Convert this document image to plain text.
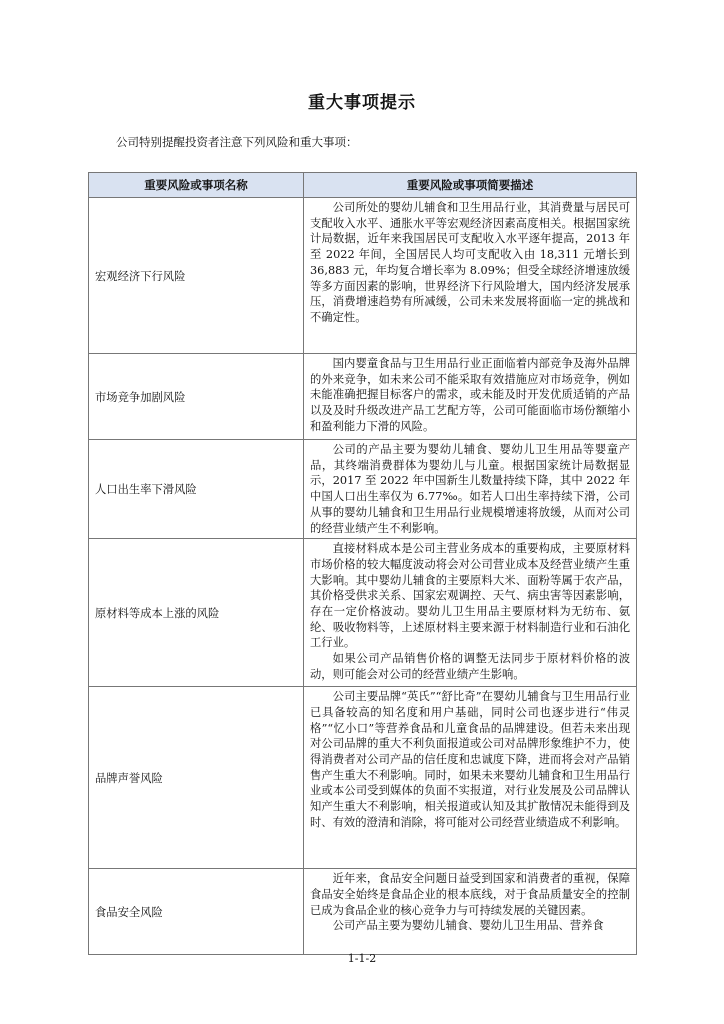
重大事项提示
公司特别提醒投资者注意下列风险和重大事项：
重要风险或事项名称	重要风险或事项简要描述
宏观经济下行风险	公司所处的婴幼儿辅食和卫生用品行业，其消费量与居民可支配收入水平、通胀水平等宏观经济因素高度相关。根据国家统计局数据，近年来我国居民可支配收入水平逐年提高，2013 年至 2022 年间，全国居民人均可支配收入由 18,311 元增长到 36,883 元，年均复合增长率为 8.09%；但受全球经济增速放缓等多方面因素的影响，世界经济下行风险增大，国内经济发展承压，消费增速趋势有所减缓，公司未来发展将面临一定的挑战和不确定性。

市场竞争加剧风险	国内婴童食品与卫生用品行业正面临着内部竞争及海外品牌的外来竞争，如未来公司不能采取有效措施应对市场竞争，例如未能准确把握目标客户的需求，或未能及时开发优质适销的产品以及及时升级改进产品工艺配方等，公司可能面临市场份额缩小和盈利能力下滑的风险。

人口出生率下滑风险	公司的产品主要为婴幼儿辅食、婴幼儿卫生用品等婴童产品，其终端消费群体为婴幼儿与儿童。根据国家统计局数据显示，2017 至 2022 年中国新生儿数量持续下降，其中 2022 年中国人口出生率仅为 6.77‰。如若人口出生率持续下滑，公司从事的婴幼儿辅食和卫生用品行业规模增速将放缓，从而对公司的经营业绩产生不利影响。

原材料等成本上涨的风险	直接材料成本是公司主营业务成本的重要构成，主要原材料市场价格的较大幅度波动将会对公司营业成本及经营业绩产生重大影响。其中婴幼儿辅食的主要原料大米、面粉等属于农产品，其价格受供求关系、国家宏观调控、天气、病虫害等因素影响，存在一定价格波动。婴幼儿卫生用品主要原材料为无纺布、氨纶、吸收物料等，上述原材料主要来源于材料制造行业和石油化工行业。

如果公司产品销售价格的调整无法同步于原材料价格的波动，则可能会对公司的经营业绩产生影响。

品牌声誉风险	公司主要品牌“英氏”“舒比奇”在婴幼儿辅食与卫生用品行业已具备较高的知名度和用户基础，同时公司也逐步进行“伟灵格”“忆小口”等营养食品和儿童食品的品牌建设。但若未来出现对公司品牌的重大不利负面报道或公司对品牌形象维护不力，使得消费者对公司产品的信任度和忠诚度下降，进而将会对产品销售产生重大不利影响。同时，如果未来婴幼儿辅食和卫生用品行业或本公司受到媒体的负面不实报道，对行业发展及公司品牌认知产生重大不利影响，相关报道或认知及其扩散情况未能得到及时、有效的澄清和消除，将可能对公司经营业绩造成不利影响。

食品安全风险	近年来，食品安全问题日益受到国家和消费者的重视，保障食品安全始终是食品企业的根本底线，对于食品质量安全的控制已成为食品企业的核心竞争力与可持续发展的关键因素。

公司产品主要为婴幼儿辅食、婴幼儿卫生用品、营养食

1-1-2
